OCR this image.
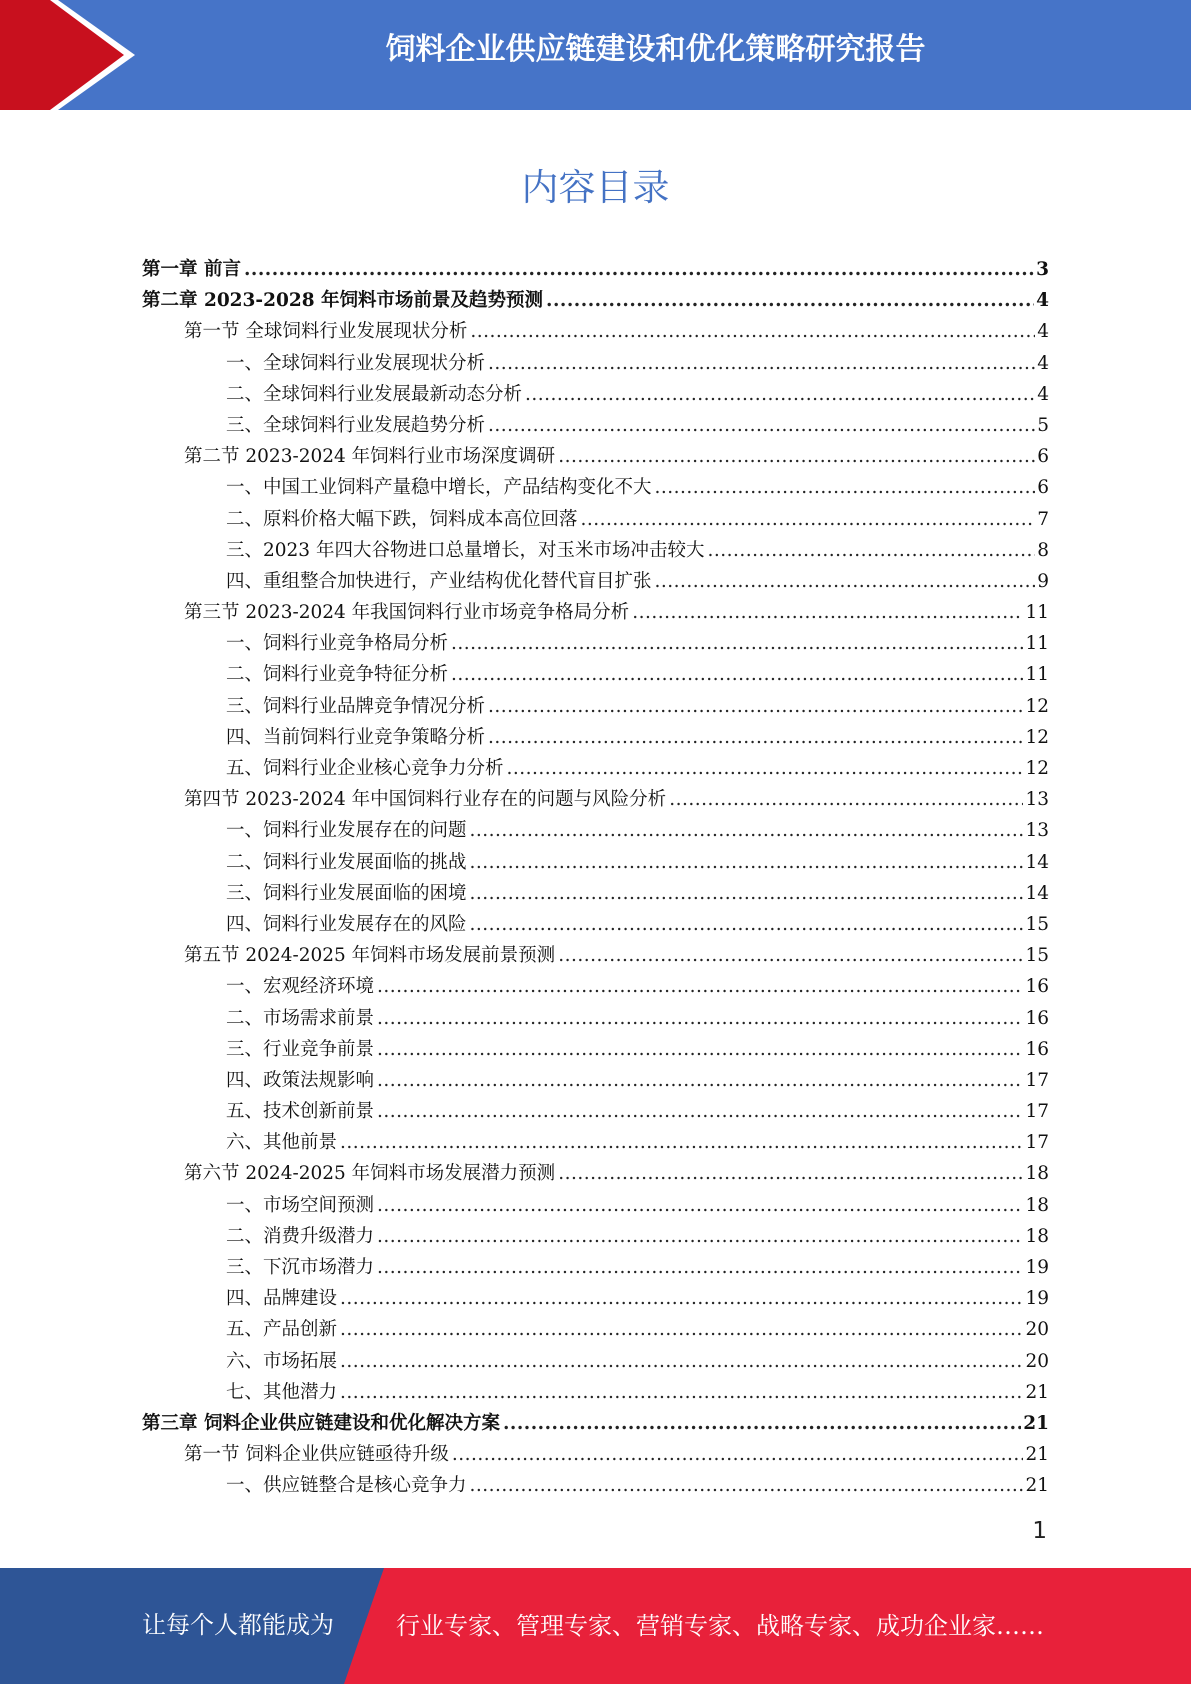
饲料企业供应链建设和优化策略研究报告
内容目录
第一章 前言 .....	3
第二章 2023-2028 年饲料市场前景及趋势预测 .....	4
第一节 全球饲料行业发展现状分析 .....	4
一、全球饲料行业发展现状分析 .....	4
二、全球饲料行业发展最新动态分析 .....	4
三、全球饲料行业发展趋势分析 .....	5
第二节 2023-2024 年饲料行业市场深度调研 .....	6
一、中国工业饲料产量稳中增长，产品结构变化不大 .....	6
二、原料价格大幅下跌，饲料成本高位回落 .....	7
三、2023 年四大谷物进口总量增长，对玉米市场冲击较大 .....	8
四、重组整合加快进行，产业结构优化替代盲目扩张 .....	9
第三节 2023-2024 年我国饲料行业市场竞争格局分析 .....	11
一、饲料行业竞争格局分析 .....	11
二、饲料行业竞争特征分析 .....	11
三、饲料行业品牌竞争情况分析 .....	12
四、当前饲料行业竞争策略分析 .....	12
五、饲料行业企业核心竞争力分析 .....	12
第四节 2023-2024 年中国饲料行业存在的问题与风险分析 .....	13
一、饲料行业发展存在的问题 .....	13
二、饲料行业发展面临的挑战 .....	14
三、饲料行业发展面临的困境 .....	14
四、饲料行业发展存在的风险 .....	15
第五节 2024-2025 年饲料市场发展前景预测 .....	15
一、宏观经济环境 .....	16
二、市场需求前景 .....	16
三、行业竞争前景 .....	16
四、政策法规影响 .....	17
五、技术创新前景 .....	17
六、其他前景 .....	17
第六节 2024-2025 年饲料市场发展潜力预测 .....	18
一、市场空间预测 .....	18
二、消费升级潜力 .....	18
三、下沉市场潜力 .....	19
四、品牌建设 .....	19
五、产品创新 .....	20
六、市场拓展 .....	20
七、其他潜力 .....	21
第三章 饲料企业供应链建设和优化解决方案 .....	21
第一节 饲料企业供应链亟待升级 .....	21
一、供应链整合是核心竞争力 .....	21
1
让每个人都能成为	行业专家、管理专家、营销专家、战略专家、成功企业家……
